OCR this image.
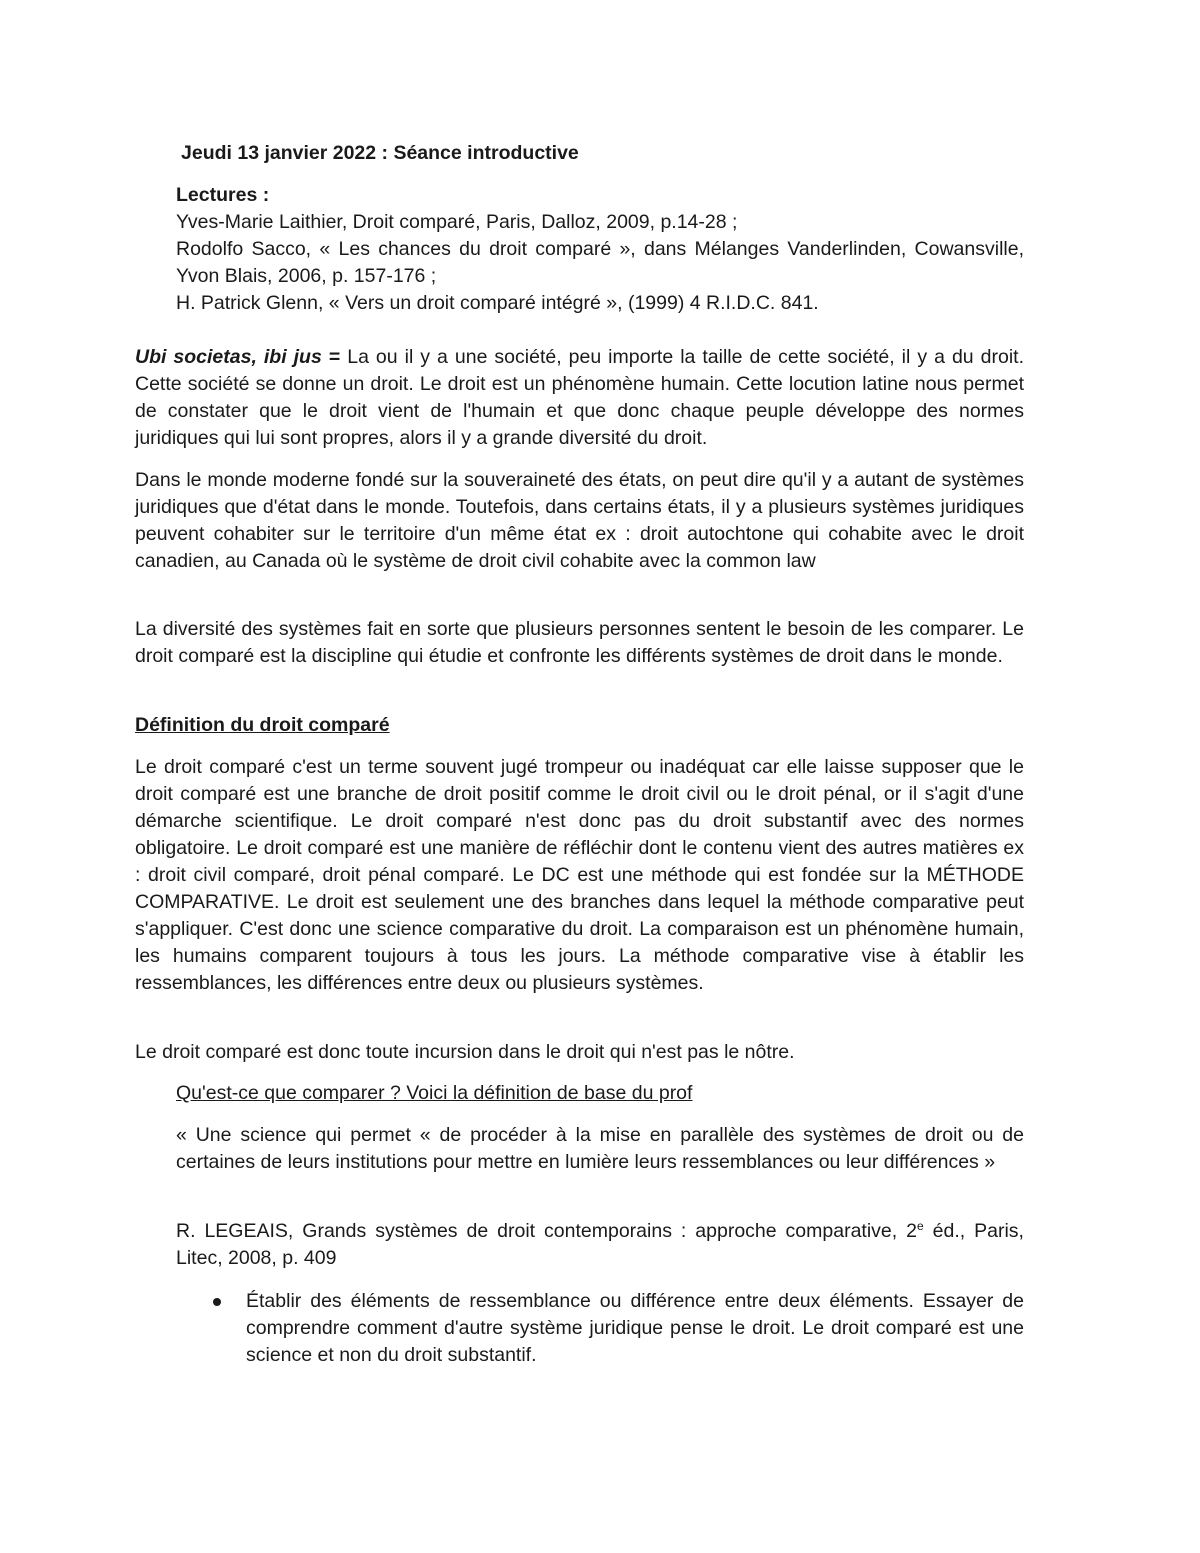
Jeudi 13 janvier 2022 : Séance introductive

Lectures :
Yves-Marie Laithier, Droit comparé, Paris, Dalloz, 2009, p.14-28 ;
Rodolfo Sacco, « Les chances du droit comparé », dans Mélanges Vanderlinden, Cowansville, Yvon Blais, 2006, p. 157-176 ;
H. Patrick Glenn, « Vers un droit comparé intégré », (1999) 4 R.I.D.C. 841.

Ubi societas, ibi jus = La ou il y a une société, peu importe la taille de cette société, il y a du droit. Cette société se donne un droit. Le droit est un phénomène humain. Cette locution latine nous permet de constater que le droit vient de l'humain et que donc chaque peuple développe des normes juridiques qui lui sont propres, alors il y a grande diversité du droit.

Dans le monde moderne fondé sur la souveraineté des états, on peut dire qu'il y a autant de systèmes juridiques que d'état dans le monde. Toutefois, dans certains états, il y a plusieurs systèmes juridiques peuvent cohabiter sur le territoire d'un même état ex : droit autochtone qui cohabite avec le droit canadien, au Canada où le système de droit civil cohabite avec la common law

La diversité des systèmes fait en sorte que plusieurs personnes sentent le besoin de les comparer. Le droit comparé est la discipline qui étudie et confronte les différents systèmes de droit dans le monde.

Définition du droit comparé

Le droit comparé c'est un terme souvent jugé trompeur ou inadéquat car elle laisse supposer que le droit comparé est une branche de droit positif comme le droit civil ou le droit pénal, or il s'agit d'une démarche scientifique. Le droit comparé n'est donc pas du droit substantif avec des normes obligatoire. Le droit comparé est une manière de réfléchir dont le contenu vient des autres matières ex : droit civil comparé, droit pénal comparé. Le DC est une méthode qui est fondée sur la MÉTHODE COMPARATIVE. Le droit est seulement une des branches dans lequel la méthode comparative peut s'appliquer. C'est donc une science comparative du droit. La comparaison est un phénomène humain, les humains comparent toujours à tous les jours. La méthode comparative vise à établir les ressemblances, les différences entre deux ou plusieurs systèmes.

Le droit comparé est donc toute incursion dans le droit qui n'est pas le nôtre.

Qu'est-ce que comparer ? Voici la définition de base du prof

« Une science qui permet « de procéder à la mise en parallèle des systèmes de droit ou de certaines de leurs institutions pour mettre en lumière leurs ressemblances ou leur différences »

R. LEGEAIS, Grands systèmes de droit contemporains : approche comparative, 2e éd., Paris, Litec, 2008, p. 409

Établir des éléments de ressemblance ou différence entre deux éléments. Essayer de comprendre comment d'autre système juridique pense le droit. Le droit comparé est une science et non du droit substantif.
